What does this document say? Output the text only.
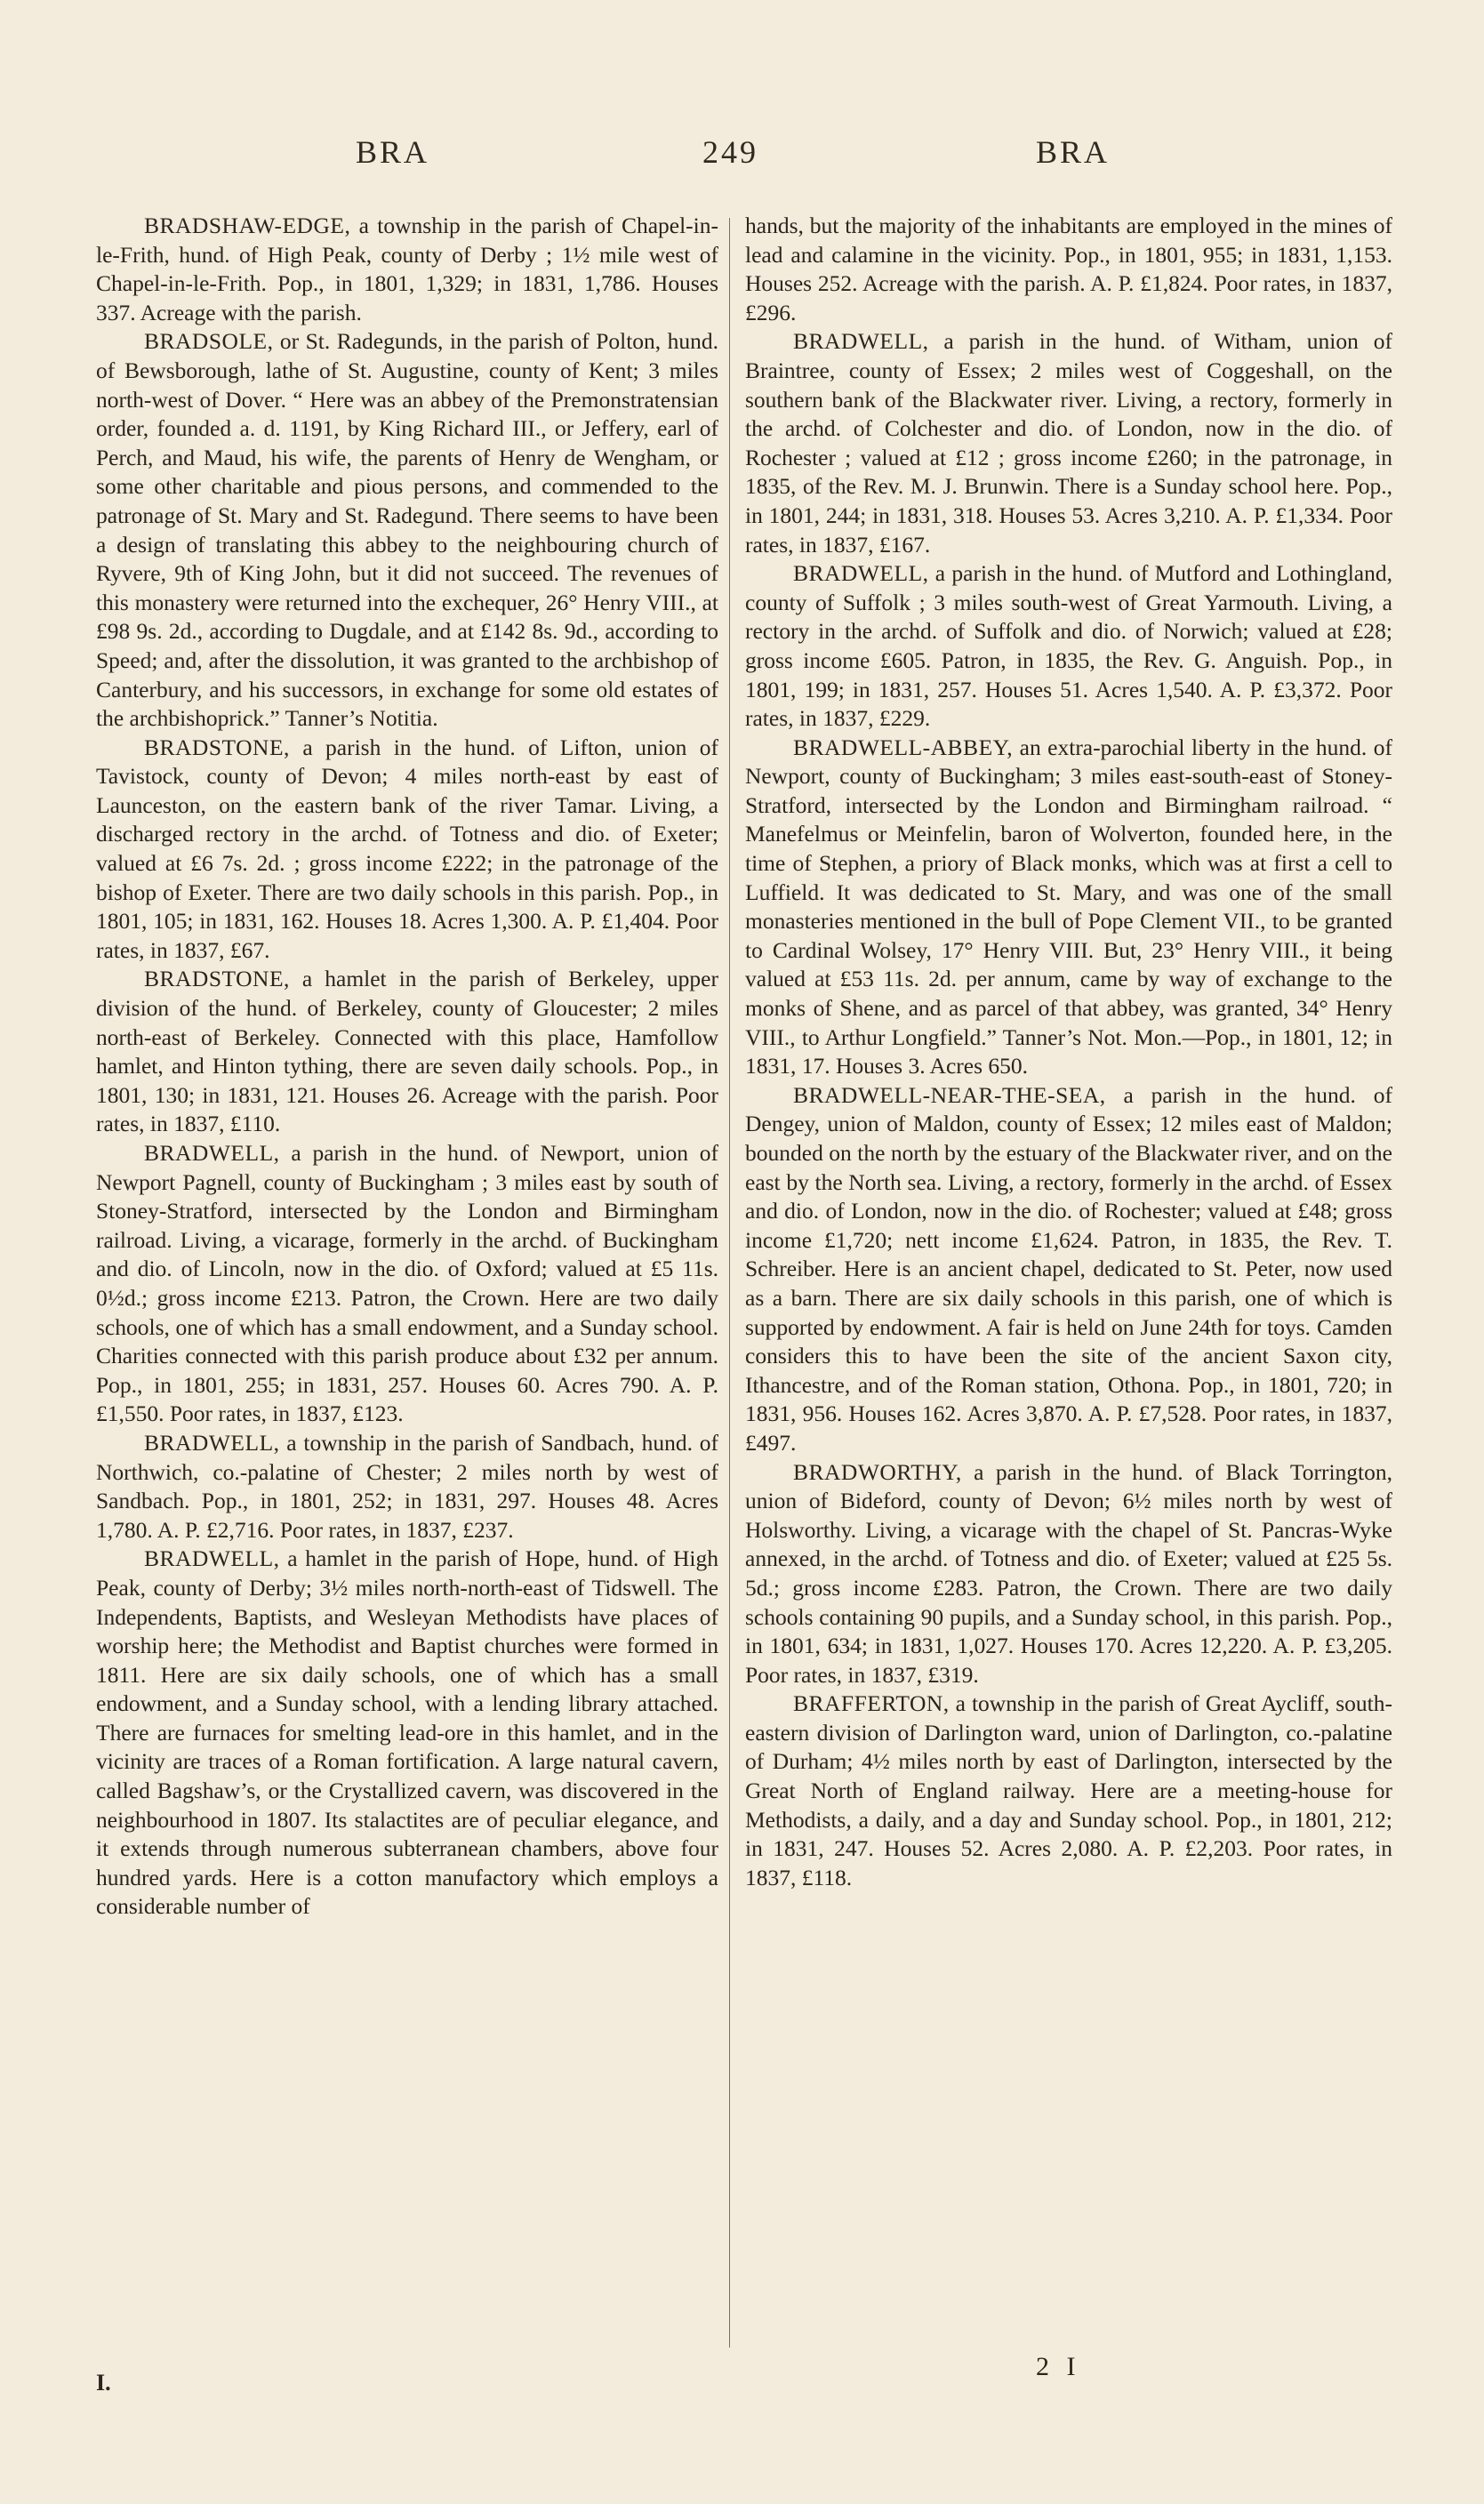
BRA	249	BRA

BRADSHAW-EDGE, a township in the parish of Chapel-in-le-Frith, hund. of High Peak, county of Derby ; 1½ mile west of Chapel-in-le-Frith. Pop., in 1801, 1,329; in 1831, 1,786. Houses 337. Acreage with the parish.

BRADSOLE, or St. Radegunds, in the parish of Polton, hund. of Bewsborough, lathe of St. Augustine, county of Kent; 3 miles north-west of Dover. “ Here was an abbey of the Premonstratensian order, founded a. d. 1191, by King Richard III., or Jeffery, earl of Perch, and Maud, his wife, the parents of Henry de Wengham, or some other charitable and pious persons, and commended to the patronage of St. Mary and St. Radegund. There seems to have been a design of translating this abbey to the neighbouring church of Ryvere, 9th of King John, but it did not succeed. The revenues of this monastery were returned into the exchequer, 26° Henry VIII., at £98 9s. 2d., according to Dugdale, and at £142 8s. 9d., according to Speed; and, after the dissolution, it was granted to the archbishop of Canterbury, and his successors, in exchange for some old estates of the archbishoprick.” Tanner’s Notitia.

BRADSTONE, a parish in the hund. of Lifton, union of Tavistock, county of Devon; 4 miles north-east by east of Launceston, on the eastern bank of the river Tamar. Living, a discharged rectory in the archd. of Totness and dio. of Exeter; valued at £6 7s. 2d. ; gross income £222; in the patronage of the bishop of Exeter. There are two daily schools in this parish. Pop., in 1801, 105; in 1831, 162. Houses 18. Acres 1,300. A. P. £1,404. Poor rates, in 1837, £67.

BRADSTONE, a hamlet in the parish of Berkeley, upper division of the hund. of Berkeley, county of Gloucester; 2 miles north-east of Berkeley. Connected with this place, Hamfollow hamlet, and Hinton tything, there are seven daily schools. Pop., in 1801, 130; in 1831, 121. Houses 26. Acreage with the parish. Poor rates, in 1837, £110.

BRADWELL, a parish in the hund. of Newport, union of Newport Pagnell, county of Buckingham ; 3 miles east by south of Stoney-Stratford, intersected by the London and Birmingham railroad. Living, a vicarage, formerly in the archd. of Buckingham and dio. of Lincoln, now in the dio. of Oxford; valued at £5 11s. 0½d.; gross income £213. Patron, the Crown. Here are two daily schools, one of which has a small endowment, and a Sunday school. Charities connected with this parish produce about £32 per annum. Pop., in 1801, 255; in 1831, 257. Houses 60. Acres 790. A. P. £1,550. Poor rates, in 1837, £123.

BRADWELL, a township in the parish of Sandbach, hund. of Northwich, co.-palatine of Chester; 2 miles north by west of Sandbach. Pop., in 1801, 252; in 1831, 297. Houses 48. Acres 1,780. A. P. £2,716. Poor rates, in 1837, £237.

BRADWELL, a hamlet in the parish of Hope, hund. of High Peak, county of Derby; 3½ miles north-north-east of Tidswell. The Independents, Baptists, and Wesleyan Methodists have places of worship here; the Methodist and Baptist churches were formed in 1811. Here are six daily schools, one of which has a small endowment, and a Sunday school, with a lending library attached. There are furnaces for smelting lead-ore in this hamlet, and in the vicinity are traces of a Roman fortification. A large natural cavern, called Bagshaw’s, or the Crystallized cavern, was discovered in the neighbourhood in 1807. Its stalactites are of peculiar elegance, and it extends through numerous subterranean chambers, above four hundred yards. Here is a cotton manufactory which employs a considerable number of

hands, but the majority of the inhabitants are employed in the mines of lead and calamine in the vicinity. Pop., in 1801, 955; in 1831, 1,153. Houses 252. Acreage with the parish. A. P. £1,824. Poor rates, in 1837, £296.

BRADWELL, a parish in the hund. of Witham, union of Braintree, county of Essex; 2 miles west of Coggeshall, on the southern bank of the Blackwater river. Living, a rectory, formerly in the archd. of Colchester and dio. of London, now in the dio. of Rochester ; valued at £12 ; gross income £260; in the patronage, in 1835, of the Rev. M. J. Brunwin. There is a Sunday school here. Pop., in 1801, 244; in 1831, 318. Houses 53. Acres 3,210. A. P. £1,334. Poor rates, in 1837, £167.

BRADWELL, a parish in the hund. of Mutford and Lothingland, county of Suffolk ; 3 miles south-west of Great Yarmouth. Living, a rectory in the archd. of Suffolk and dio. of Norwich; valued at £28; gross income £605. Patron, in 1835, the Rev. G. Anguish. Pop., in 1801, 199; in 1831, 257. Houses 51. Acres 1,540. A. P. £3,372. Poor rates, in 1837, £229.

BRADWELL-ABBEY, an extra-parochial liberty in the hund. of Newport, county of Buckingham; 3 miles east-south-east of Stoney-Stratford, intersected by the London and Birmingham railroad. “ Manefelmus or Meinfelin, baron of Wolverton, founded here, in the time of Stephen, a priory of Black monks, which was at first a cell to Luffield. It was dedicated to St. Mary, and was one of the small monasteries mentioned in the bull of Pope Clement VII., to be granted to Cardinal Wolsey, 17° Henry VIII. But, 23° Henry VIII., it being valued at £53 11s. 2d. per annum, came by way of exchange to the monks of Shene, and as parcel of that abbey, was granted, 34° Henry VIII., to Arthur Longfield.” Tanner’s Not. Mon.—Pop., in 1801, 12; in 1831, 17. Houses 3. Acres 650.

BRADWELL-NEAR-THE-SEA, a parish in the hund. of Dengey, union of Maldon, county of Essex; 12 miles east of Maldon; bounded on the north by the estuary of the Blackwater river, and on the east by the North sea. Living, a rectory, formerly in the archd. of Essex and dio. of London, now in the dio. of Rochester; valued at £48; gross income £1,720; nett income £1,624. Patron, in 1835, the Rev. T. Schreiber. Here is an ancient chapel, dedicated to St. Peter, now used as a barn. There are six daily schools in this parish, one of which is supported by endowment. A fair is held on June 24th for toys. Camden considers this to have been the site of the ancient Saxon city, Ithancestre, and of the Roman station, Othona. Pop., in 1801, 720; in 1831, 956. Houses 162. Acres 3,870. A. P. £7,528. Poor rates, in 1837, £497.

BRADWORTHY, a parish in the hund. of Black Torrington, union of Bideford, county of Devon; 6½ miles north by west of Holsworthy. Living, a vicarage with the chapel of St. Pancras-Wyke annexed, in the archd. of Totness and dio. of Exeter; valued at £25 5s. 5d.; gross income £283. Patron, the Crown. There are two daily schools containing 90 pupils, and a Sunday school, in this parish. Pop., in 1801, 634; in 1831, 1,027. Houses 170. Acres 12,220. A. P. £3,205. Poor rates, in 1837, £319.

BRAFFERTON, a township in the parish of Great Aycliff, south-eastern division of Darlington ward, union of Darlington, co.-palatine of Durham; 4½ miles north by east of Darlington, intersected by the Great North of England railway. Here are a meeting-house for Methodists, a daily, and a day and Sunday school. Pop., in 1801, 212; in 1831, 247. Houses 52. Acres 2,080. A. P. £2,203. Poor rates, in 1837, £118.

I.
2 I
